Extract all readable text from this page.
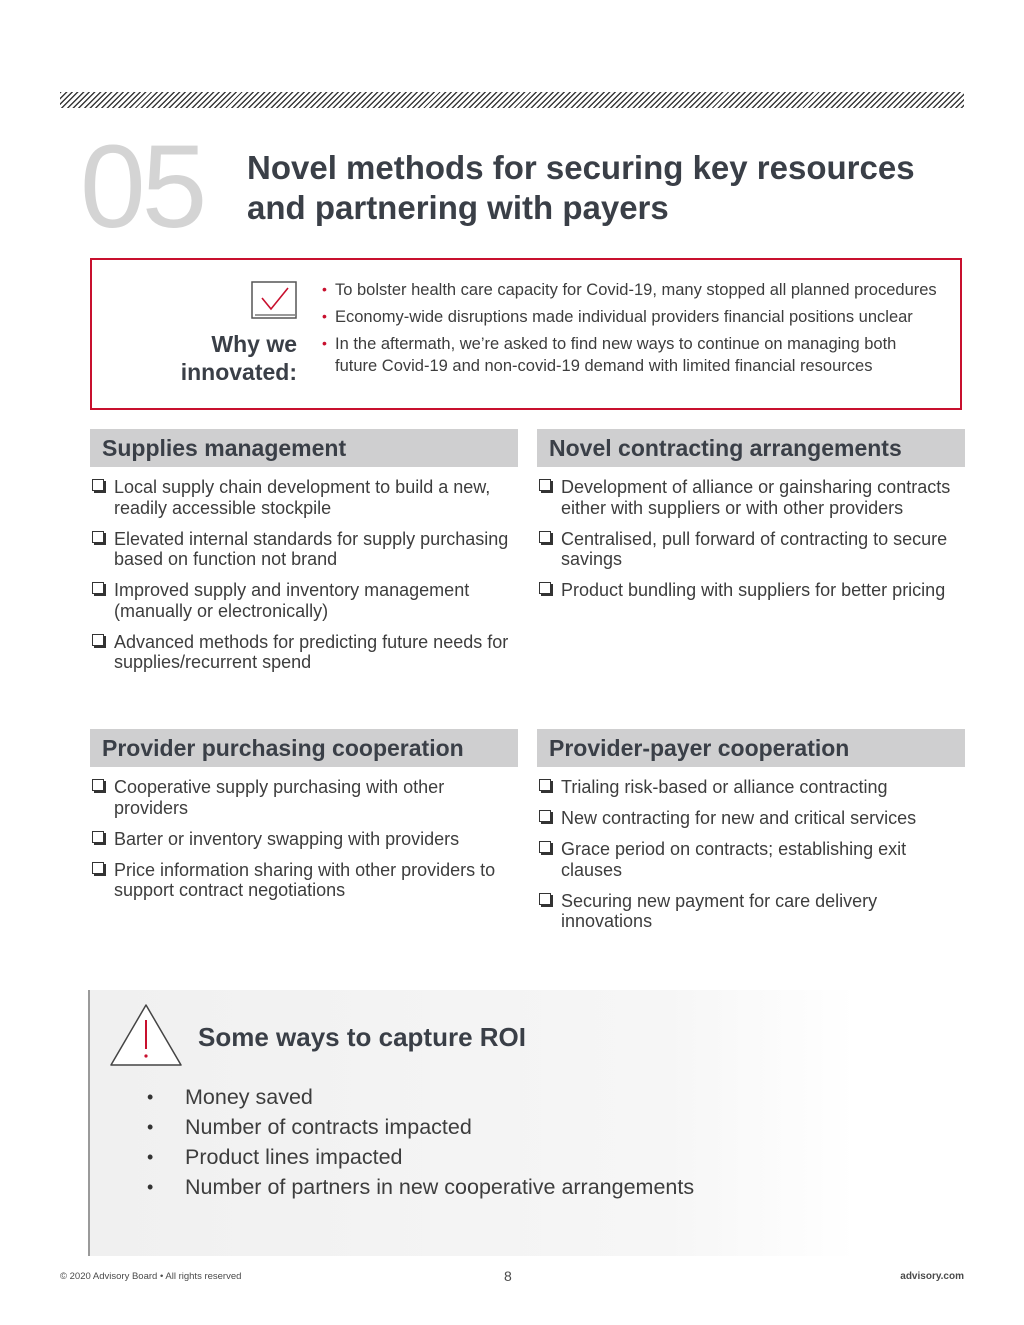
05 Novel methods for securing key resources and partnering with payers
Why we innovated:
• To bolster health care capacity for Covid-19, many stopped all planned procedures
• Economy-wide disruptions made individual providers financial positions unclear
• In the aftermath, we’re asked to find new ways to continue on managing both future Covid-19 and non-covid-19 demand with limited financial resources
Supplies management
Local supply chain development to build a new, readily accessible stockpile
Elevated internal standards for supply purchasing based on function not brand
Improved supply and inventory management (manually or electronically)
Advanced methods for predicting future needs for supplies/recurrent spend
Novel contracting arrangements
Development of alliance or gainsharing contracts either with suppliers or with other providers
Centralised, pull forward of contracting to secure savings
Product bundling with suppliers for better pricing
Provider purchasing cooperation
Cooperative supply purchasing with other providers
Barter or inventory swapping with providers
Price information sharing with other providers to support contract negotiations
Provider-payer cooperation
Trialing risk-based or alliance contracting
New contracting for new and critical services
Grace period on contracts; establishing exit clauses
Securing new payment for care delivery innovations
Some ways to capture ROI
• Money saved
• Number of contracts impacted
• Product lines impacted
• Number of partners in new cooperative arrangements
© 2020 Advisory Board • All rights reserved	8	advisory.com
